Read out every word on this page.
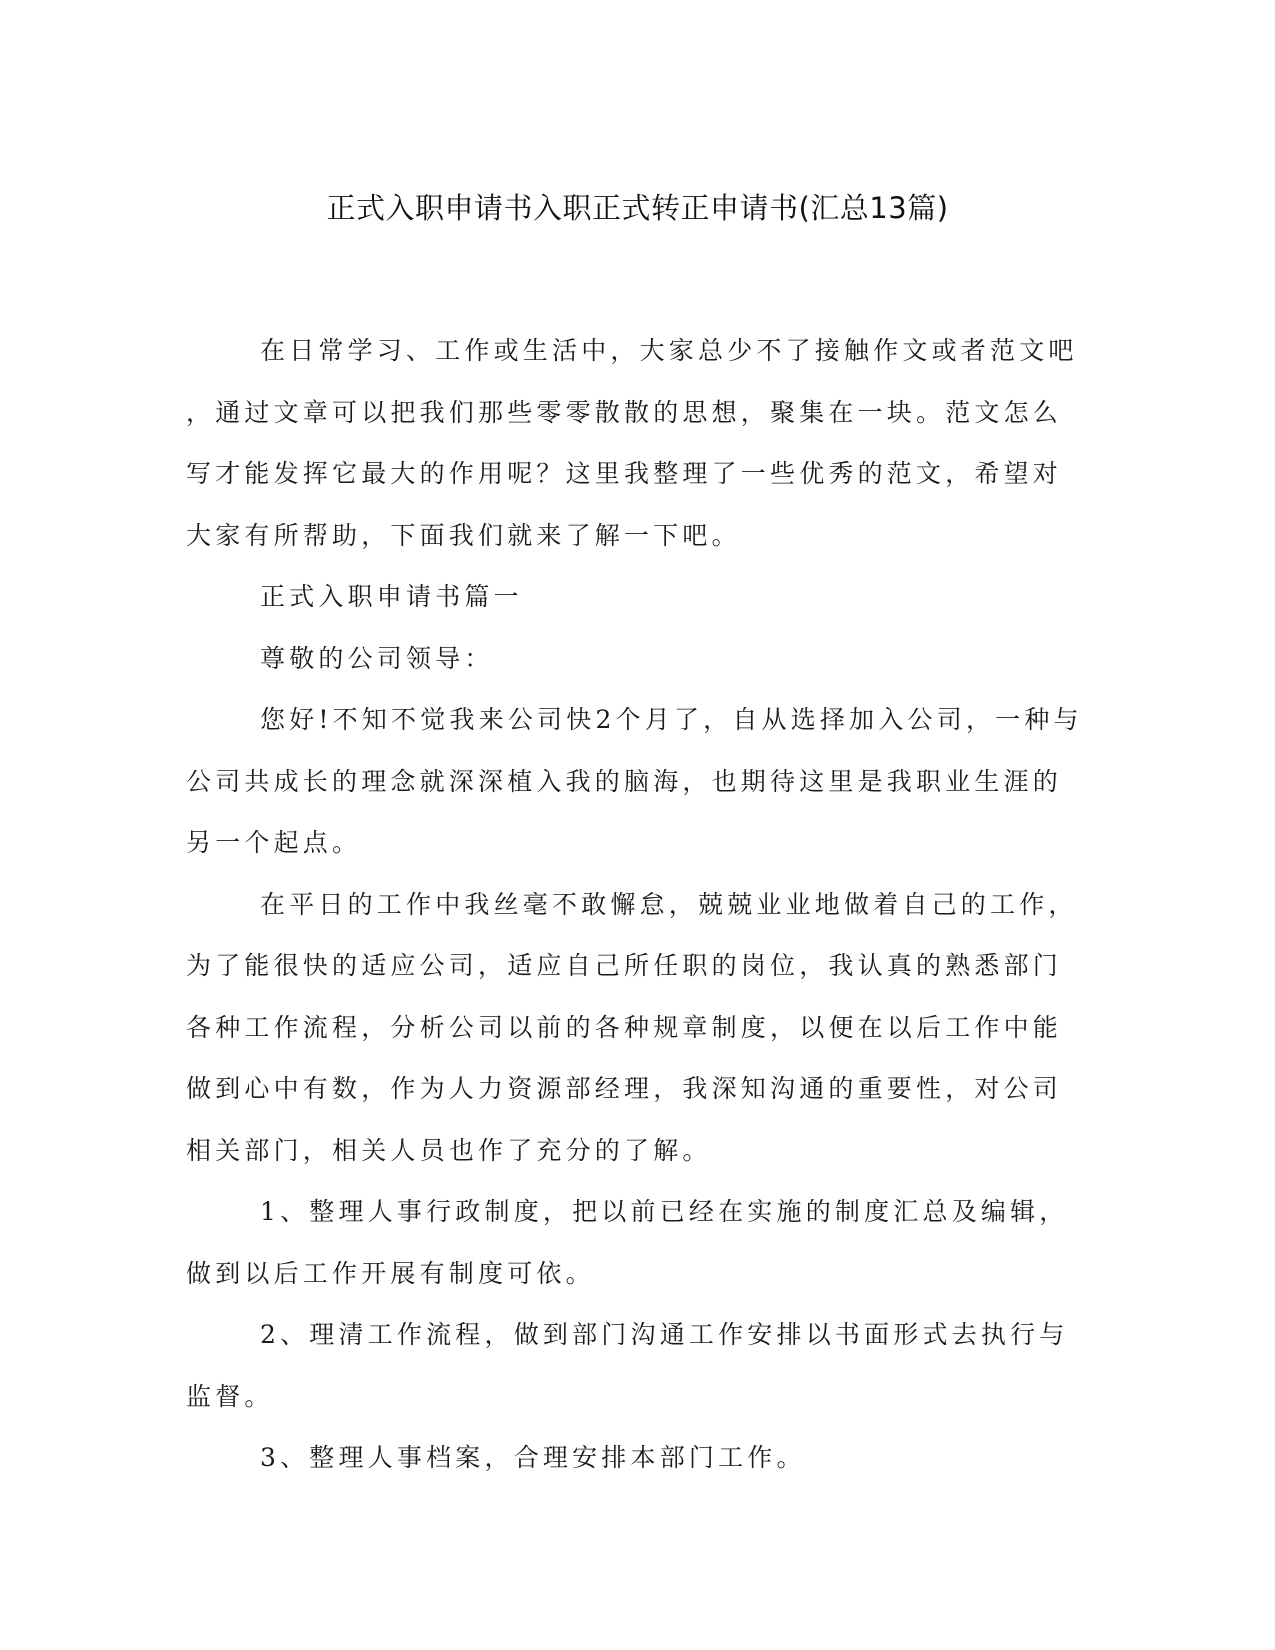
正式入职申请书入职正式转正申请书(汇总13篇)

在日常学习、工作或生活中，大家总少不了接触作文或者范文吧
，通过文章可以把我们那些零零散散的思想，聚集在一块。范文怎么
写才能发挥它最大的作用呢？这里我整理了一些优秀的范文，希望对
大家有所帮助，下面我们就来了解一下吧。

正式入职申请书篇一

尊敬的公司领导：

您好!不知不觉我来公司快2个月了，自从选择加入公司，一种与
公司共成长的理念就深深植入我的脑海，也期待这里是我职业生涯的
另一个起点。

在平日的工作中我丝毫不敢懈怠，兢兢业业地做着自己的工作，
为了能很快的适应公司，适应自己所任职的岗位，我认真的熟悉部门
各种工作流程，分析公司以前的各种规章制度，以便在以后工作中能
做到心中有数，作为人力资源部经理，我深知沟通的重要性，对公司
相关部门，相关人员也作了充分的了解。

1、整理人事行政制度，把以前已经在实施的制度汇总及编辑，
做到以后工作开展有制度可依。

2、理清工作流程，做到部门沟通工作安排以书面形式去执行与
监督。

3、整理人事档案，合理安排本部门工作。
